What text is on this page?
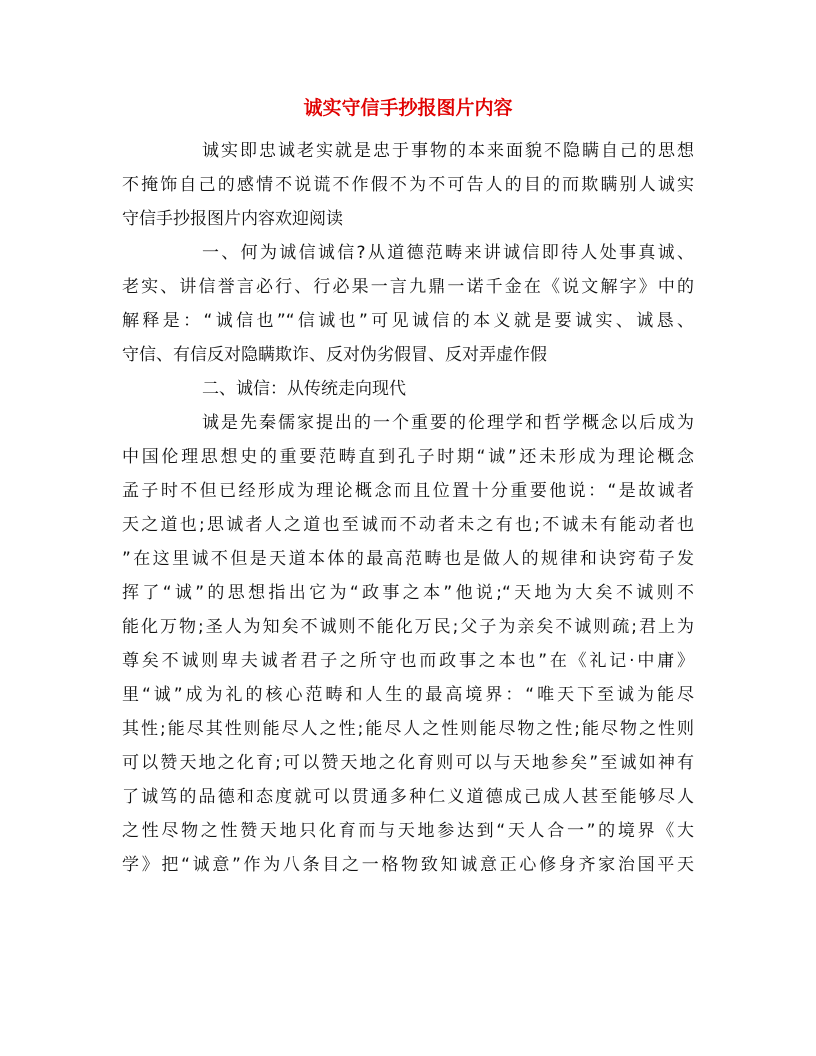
诚实守信手抄报图片内容
诚实即忠诚老实就是忠于事物的本来面貌不隐瞒自己的思想
不掩饰自己的感情不说谎不作假不为不可告人的目的而欺瞒别人诚实
守信手抄报图片内容欢迎阅读
一、何为诚信诚信?从道德范畴来讲诚信即待人处事真诚、
老实、讲信誉言必行、行必果一言九鼎一诺千金在《说文解字》中的
解释是：“诚信也”“信诚也”可见诚信的本义就是要诚实、诚恳、
守信、有信反对隐瞒欺诈、反对伪劣假冒、反对弄虚作假
二、诚信：从传统走向现代
诚是先秦儒家提出的一个重要的伦理学和哲学概念以后成为
中国伦理思想史的重要范畴直到孔子时期“诚”还未形成为理论概念
孟子时不但已经形成为理论概念而且位置十分重要他说：“是故诚者
天之道也;思诚者人之道也至诚而不动者未之有也;不诚未有能动者也
”在这里诚不但是天道本体的最高范畴也是做人的规律和诀窍荀子发
挥了“诚”的思想指出它为“政事之本”他说;“天地为大矣不诚则不
能化万物;圣人为知矣不诚则不能化万民;父子为亲矣不诚则疏;君上为
尊矣不诚则卑夫诚者君子之所守也而政事之本也”在《礼记·中庸》
里“诚”成为礼的核心范畴和人生的最高境界：“唯天下至诚为能尽
其性;能尽其性则能尽人之性;能尽人之性则能尽物之性;能尽物之性则
可以赞天地之化育;可以赞天地之化育则可以与天地参矣”至诚如神有
了诚笃的品德和态度就可以贯通多种仁义道德成己成人甚至能够尽人
之性尽物之性赞天地只化育而与天地参达到“天人合一”的境界《大
学》把“诚意”作为八条目之一格物致知诚意正心修身齐家治国平天
